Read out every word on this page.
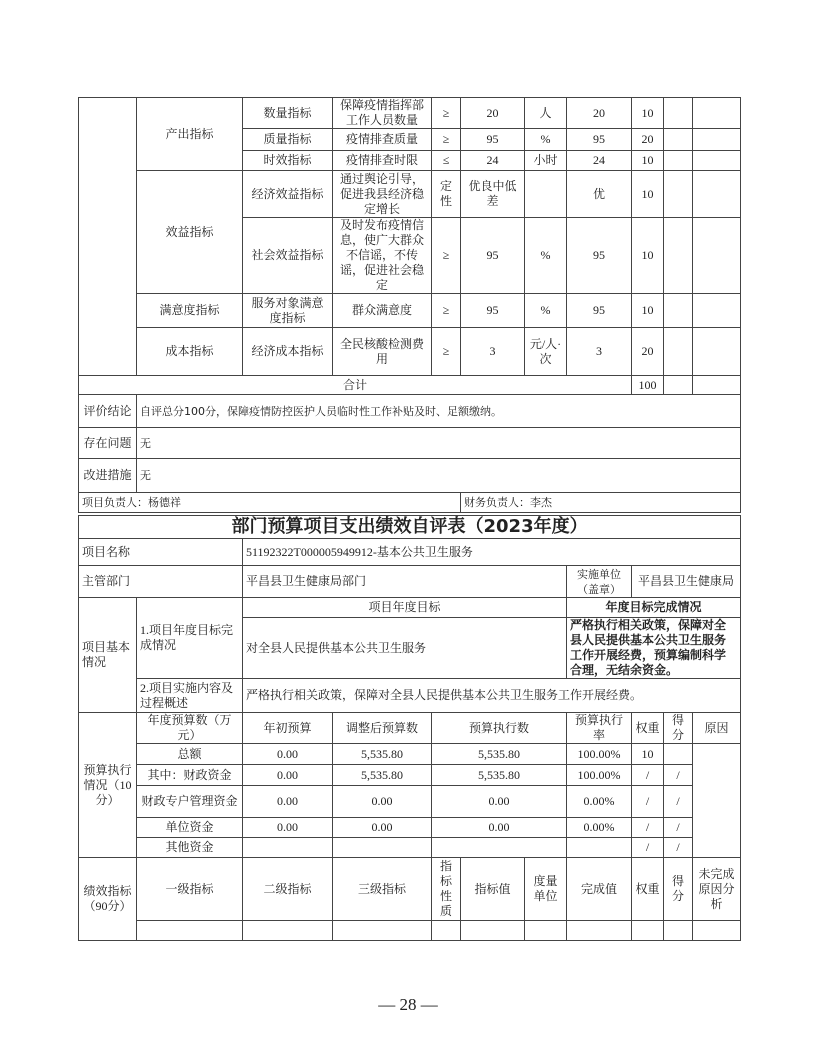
	产出指标	数量指标	保障疫情指挥部工作人员数量	≥	20	人	20	10		
		质量指标	疫情排查质量	≥	95	%	95	20		
		时效指标	疫情排查时限	≤	24	小时	24	10		
	效益指标	经济效益指标	通过舆论引导，促进我县经济稳定增长	定性	优良中低差		优	10		
		社会效益指标	及时发布疫情信息，使广大群众不信谣，不传谣，促进社会稳定	≥	95	%	95	10		
	满意度指标	服务对象满意度指标	群众满意度	≥	95	%	95	10		
	成本指标	经济成本指标	全民核酸检测费用	≥	3	元/人·次	3	20		
合计								100		
评价结论	自评总分100分，保障疫情防控医护人员临时性工作补贴及时、足额缴纳。									
存在问题	无									
改进措施	无									
项目负责人：杨德祥					财务负责人：李杰					
部门预算项目支出绩效自评表（2023年度）										
项目名称		51192322T000005949912-基本公共卫生服务								
主管部门		平昌县卫生健康局部门					实施单位（盖章）	平昌县卫生健康局		
项目基本情况	1.项目年度目标完成情况	项目年度目标					年度目标完成情况			
		对全县人民提供基本公共卫生服务					严格执行相关政策，保障对全县人民提供基本公共卫生服务工作开展经费，预算编制科学合理，无结余资金。			
	2.项目实施内容及过程概述	严格执行相关政策，保障对全县人民提供基本公共卫生服务工作开展经费。								
预算执行情况（10分）	年度预算数（万元）	年初预算	调整后预算数	预算执行数			预算执行率	权重	得分	原因
	总额	0.00	5,535.80	5,535.80			100.00%	10		
	其中：财政资金	0.00	5,535.80	5,535.80			100.00%	/	/	
	财政专户管理资金	0.00	0.00	0.00			0.00%	/	/	
	单位资金	0.00	0.00	0.00			0.00%	/	/	
	其他资金							/	/	
绩效指标（90分）	一级指标	二级指标	三级指标	指标性质	指标值	度量单位	完成值	权重	得分	未完成原因分析

— 28 —
